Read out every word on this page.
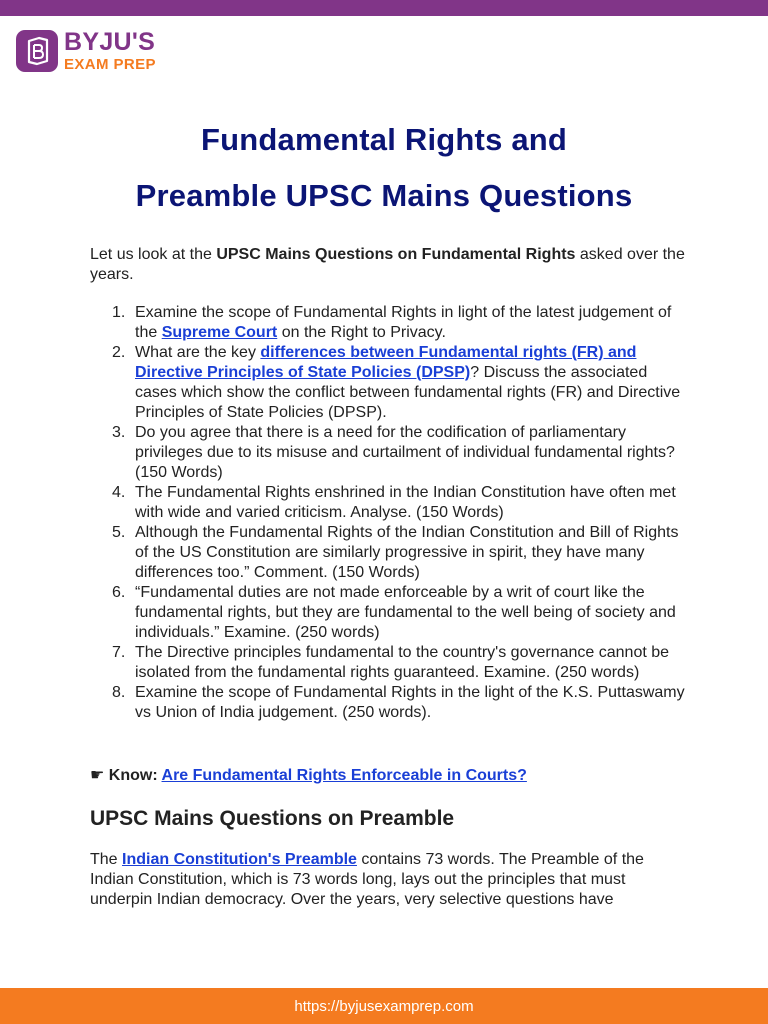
BYJU'S
EXAM PREP
Fundamental Rights and
Preamble UPSC Mains Questions

Let us look at the UPSC Mains Questions on Fundamental Rights asked over the years.

1. Examine the scope of Fundamental Rights in light of the latest judgement of the Supreme Court on the Right to Privacy.
2. What are the key differences between Fundamental rights (FR) and Directive Principles of State Policies (DPSP)? Discuss the associated cases which show the conflict between fundamental rights (FR) and Directive Principles of State Policies (DPSP).
3. Do you agree that there is a need for the codification of parliamentary privileges due to its misuse and curtailment of individual fundamental rights? (150 Words)
4. The Fundamental Rights enshrined in the Indian Constitution have often met with wide and varied criticism. Analyse. (150 Words)
5. Although the Fundamental Rights of the Indian Constitution and Bill of Rights of the US Constitution are similarly progressive in spirit, they have many differences too.” Comment. (150 Words)
6. “Fundamental duties are not made enforceable by a writ of court like the fundamental rights, but they are fundamental to the well being of society and individuals.” Examine. (250 words)
7. The Directive principles fundamental to the country's governance cannot be isolated from the fundamental rights guaranteed. Examine. (250 words)
8. Examine the scope of Fundamental Rights in the light of the K.S. Puttaswamy vs Union of India judgement. (250 words).

☛ Know: Are Fundamental Rights Enforceable in Courts?

UPSC Mains Questions on Preamble

The Indian Constitution's Preamble contains 73 words. The Preamble of the Indian Constitution, which is 73 words long, lays out the principles that must underpin Indian democracy. Over the years, very selective questions have

https://byjusexamprep.com
